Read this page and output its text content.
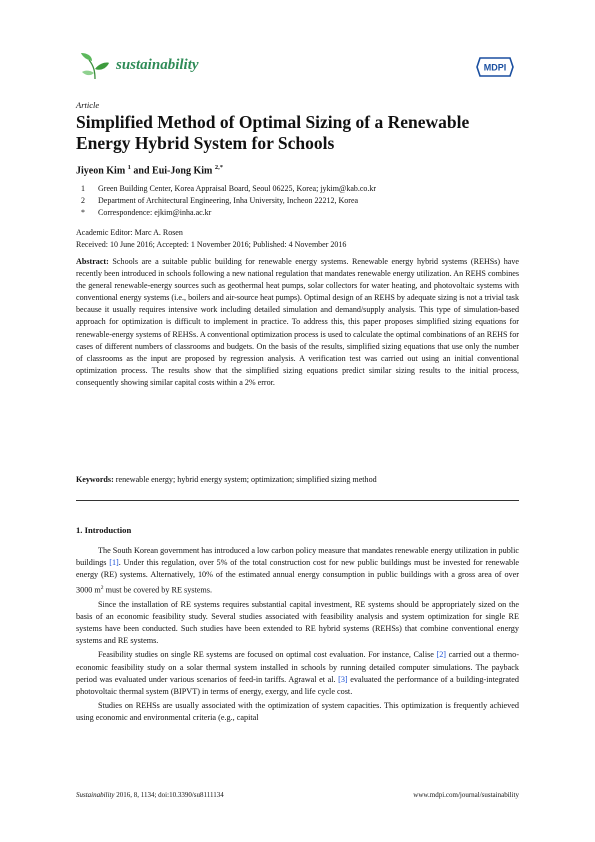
sustainability	MDPI
Article
Simplified Method of Optimal Sizing of a Renewable Energy Hybrid System for Schools
Jiyeon Kim $^1$ and Eui-Jong Kim $^{2,*}$
1	Green Building Center, Korea Appraisal Board, Seoul 06225, Korea; jykim@kab.co.kr
2	Department of Architectural Engineering, Inha University, Incheon 22212, Korea
*	Correspondence: ejkim@inha.ac.kr
Academic Editor: Marc A. Rosen
Received: 10 June 2016; Accepted: 1 November 2016; Published: 4 November 2016
Abstract: Schools are a suitable public building for renewable energy systems. Renewable energy hybrid systems (REHSs) have recently been introduced in schools following a new national regulation that mandates renewable energy utilization. An REHS combines the general renewable-energy sources such as geothermal heat pumps, solar collectors for water heating, and photovoltaic systems with conventional energy systems (i.e., boilers and air-source heat pumps). Optimal design of an REHS by adequate sizing is not a trivial task because it usually requires intensive work including detailed simulation and demand/supply analysis. This type of simulation-based approach for optimization is difficult to implement in practice. To address this, this paper proposes simplified sizing equations for renewable-energy systems of REHSs. A conventional optimization process is used to calculate the optimal combinations of an REHS for cases of different numbers of classrooms and budgets. On the basis of the results, simplified sizing equations that use only the number of classrooms as the input are proposed by regression analysis. A verification test was carried out using an initial conventional optimization process. The results show that the simplified sizing equations predict similar sizing results to the initial process, consequently showing similar capital costs within a 2% error.
Keywords: renewable energy; hybrid energy system; optimization; simplified sizing method
1. Introduction

The South Korean government has introduced a low carbon policy measure that mandates renewable energy utilization in public buildings [1]. Under this regulation, over 5% of the total construction cost for new public buildings must be invested for renewable energy (RE) systems. Alternatively, 10% of the estimated annual energy consumption in public buildings with a gross area of over 3000 $m^2$ must be covered by RE systems.

Since the installation of RE systems requires substantial capital investment, RE systems should be appropriately sized on the basis of an economic feasibility study. Several studies associated with feasibility analysis and system optimization for single RE systems have been conducted. Such studies have been extended to RE hybrid systems (REHSs) that combine conventional energy systems and RE systems.

Feasibility studies on single RE systems are focused on optimal cost evaluation. For instance, Calise [2] carried out a thermo-economic feasibility study on a solar thermal system installed in schools by running detailed computer simulations. The payback period was evaluated under various scenarios of feed-in tariffs. Agrawal et al. [3] evaluated the performance of a building-integrated photovoltaic thermal system (BIPVT) in terms of energy, exergy, and life cycle cost.

Studies on REHSs are usually associated with the optimization of system capacities. This optimization is frequently achieved using economic and environmental criteria (e.g., capital

Sustainability 2016, 8, 1134; doi:10.3390/su8111134	www.mdpi.com/journal/sustainability
